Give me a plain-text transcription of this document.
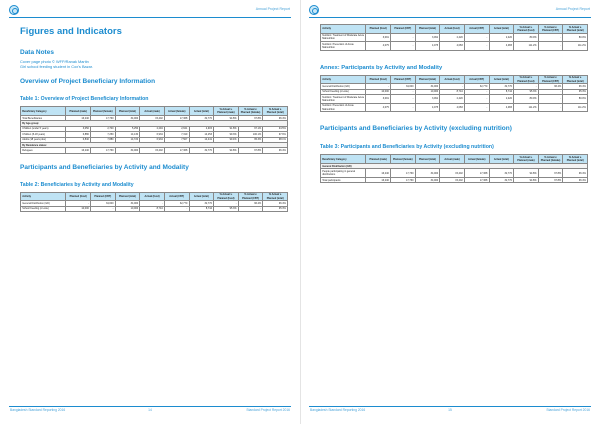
Annual Project Report
Figures and Indicators
Data Notes
Cover page photo © WFP/Ranak Martin
Girl school feeding student in Cox's Bazar.
Overview of Project Beneficiary Information
Table 1: Overview of Project Beneficiary Information
Beneficiary Category	Planned (male)	Planned (female)	Planned (total)	Actual (male)	Actual (female)	Actual (total)	% Actual v. Planned (male)	% Actual v. Planned (female)	% Actual v. Planned (total)
Total Beneficiaries	16,240	17,760	34,000	15,402	17,368	32,770	94.8%	97.8%	96.4%
By Age-group:									
Children (under 5 years)	3,050	2,700	5,250	2,294	2,621	4,915	91.8%	97.1%	94.5%
Children (5-18 years)	6,880	7,250	14,130	6,934	7,319	14,253	99.3%	100.1%	97.6%
Adults (18 years plus)	6,840	7,880	14,720	6,934	7,507	14,441	99.4%	95.3%	98.1%
By Residence status:									
Refugees	16,240	17,760	34,000	15,402	17,368	32,770	94.8%	97.8%	96.4%
Participants and Beneficiaries by Activity and Modality
Table 2: Beneficiaries by Activity and Modality
Activity	Planned (food)	Planned (CBT)	Planned (total)	Actual (food)	Actual (CBT)	Actual (total)	% Actual v. Planned (food)	% Actual v. Planned (CBT)	% Actual v. Planned (total)
General Distribution (GD)	-	34,000	34,000	-	32,770	32,770	-	96.4%	96.4%
School Feeding (on-site)	10,000	-	10,000	8,744	-	8,744	95.3%	-	95.3%
Bangladesh Standard Reporting 2016	14	Standard Project Report 2016
Annual Project Report
Activity	Planned (food)	Planned (CBT)	Planned (total)	Actual (food)	Actual (CBT)	Actual (total)	% Actual v. Planned (food)	% Actual v. Planned (CBT)	% Actual v. Planned (total)
Nutrition: Treatment of Moderate Acute Malnutrition	3,091	-	3,091	2,420	-	2,420	80.0%	-	80.0%
Nutrition: Prevention of Acute Malnutrition	4,075	-	4,075	4,083	-	4,083	111.2%	-	111.2%
Annex: Participants by Activity and Modality
Activity	Planned (food)	Planned (CBT)	Planned (total)	Actual (food)	Actual (CBT)	Actual (total)	% Actual v. Planned (food)	% Actual v. Planned (CBT)	% Actual v. Planned (total)
General Distribution (GD)	-	34,000	34,000	-	32,770	32,770	-	96.4%	96.4%
School Feeding (on-site)	10,000	-	10,000	8,744	-	8,744	95.3%	-	95.3%
Nutrition: Treatment of Moderate Acute Malnutrition	3,091	-	3,091	2,420	-	2,420	80.0%	-	80.0%
Nutrition: Prevention of Acute Malnutrition	4,075	-	4,075	4,083	-	4,083	111.2%	-	111.2%
Participants and Beneficiaries by Activity (excluding nutrition)
Table 3: Participants and Beneficiaries by Activity (excluding nutrition)
Beneficiary Category	Planned (male)	Planned (female)	Planned (total)	Actual (male)	Actual (female)	Actual (total)	% Actual v. Planned (male)	% Actual v. Planned (female)	% Actual v. Planned (total)
General Distribution (GD)									
People participating in general distributions	16,240	17,760	34,000	15,402	17,368	32,770	94.8%	97.8%	96.4%
Total participants	16,240	17,760	34,000	15,402	17,368	32,770	94.8%	97.8%	96.4%
Bangladesh Standard Reporting 2016	15	Standard Project Report 2016
